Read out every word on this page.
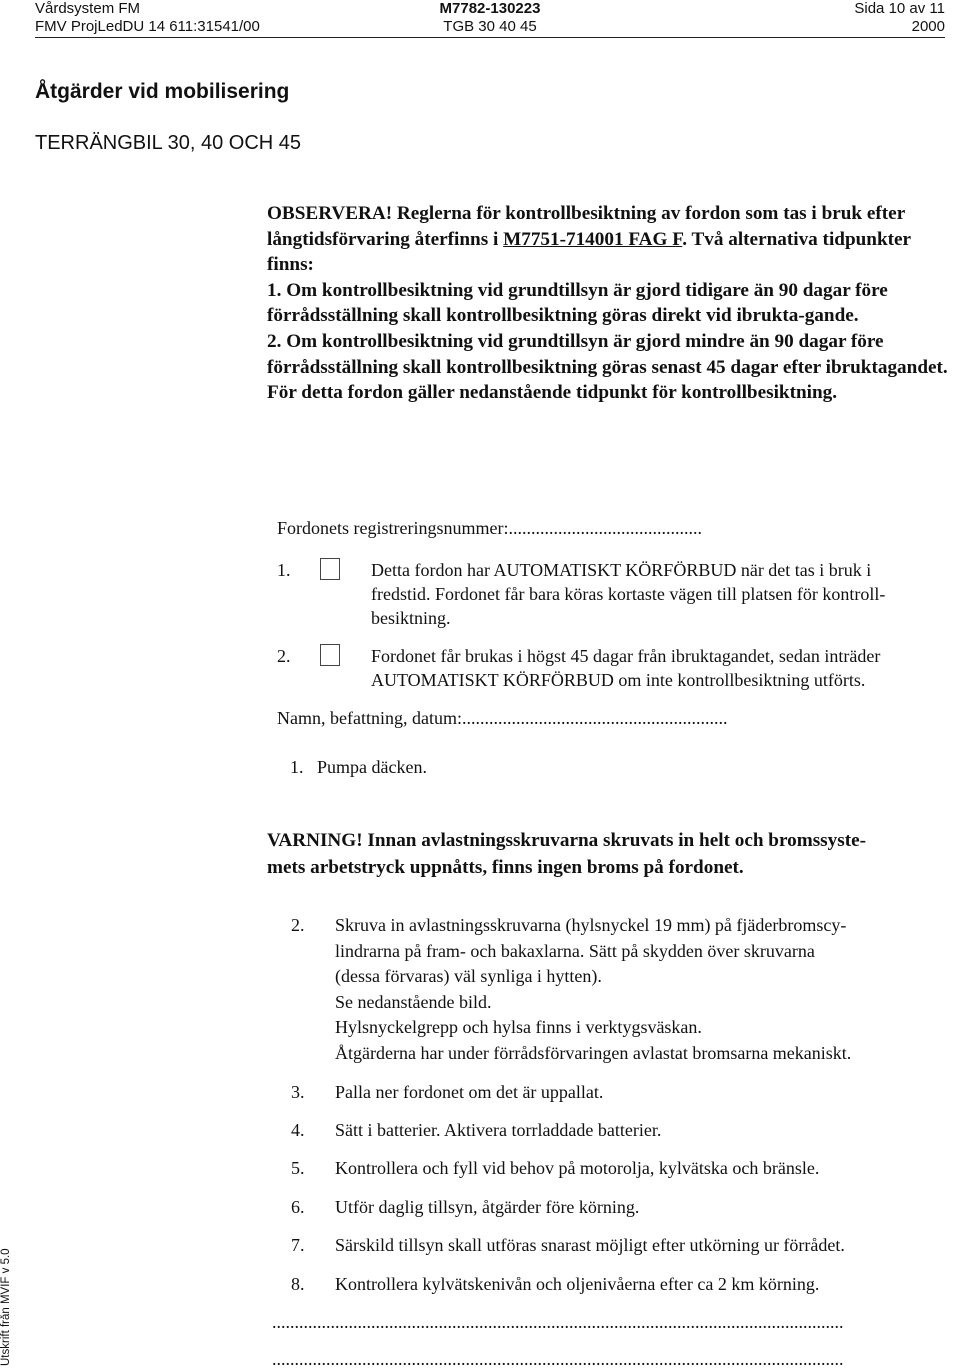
Vårdsystem FM	M7782-130223	Sida 10 av 11
FMV ProjLedDU 14 611:31541/00	TGB 30 40 45	2000
Åtgärder vid mobilisering
TERRÄNGBIL 30, 40 OCH 45

OBSERVERA! Reglerna för kontrollbesiktning av fordon som tas i bruk efter långtidsförvaring återfinns i M7751-714001 FAG F. Två alternativa tidpunkter finns:

1. Om kontrollbesiktning vid grundtillsyn är gjord tidigare än 90 dagar före förrådsställning skall kontrollbesiktning göras direkt vid ibrukta-gande.

2. Om kontrollbesiktning vid grundtillsyn är gjord mindre än 90 dagar före förrådsställning skall kontrollbesiktning göras senast 45 dagar efter ibruktagandet.

För detta fordon gäller nedanstående tidpunkt för kontrollbesiktning.

Fordonets registreringsnummer:...........................................
1.	Detta fordon har AUTOMATISKT KÖRFÖRBUD när det tas i bruk i
fredstid. Fordonet får bara köras kortaste vägen till platsen för kontroll-
besiktning.
2.	Fordonet får brukas i högst 45 dagar från ibruktagandet, sedan inträder
AUTOMATISKT KÖRFÖRBUD om inte kontrollbesiktning utförts.
Namn, befattning, datum:...........................................................
1.   Pumpa däcken.
VARNING! Innan avlastningsskruvarna skruvats in helt och bromssyste-
mets arbetstryck uppnåtts, finns ingen broms på fordonet.
2. Skruva in avlastningsskruvarna (hylsnyckel 19 mm) på fjäderbromscy-
lindrarna på fram- och bakaxlarna. Sätt på skydden över skruvarna
(dessa förvaras) väl synliga i hytten).
Se nedanstående bild.
Hylsnyckelgrepp och hylsa finns i verktygsväskan.
Åtgärderna har under förrådsförvaringen avlastat bromsarna mekaniskt.
3. Palla ner fordonet om det är uppallat.
4. Sätt i batterier. Aktivera torrladdade batterier.
5. Kontrollera och fyll vid behov på motorolja, kylvätska och bränsle.
6. Utför daglig tillsyn, åtgärder före körning.
7. Särskild tillsyn skall utföras snarast möjligt efter utkörning ur förrådet.
8. Kontrollera kylvätskenivån och oljenivåerna efter ca 2 km körning.
...............................................................................................................................
...............................................................................................................................
Utskrift från MVIF v 5.0
